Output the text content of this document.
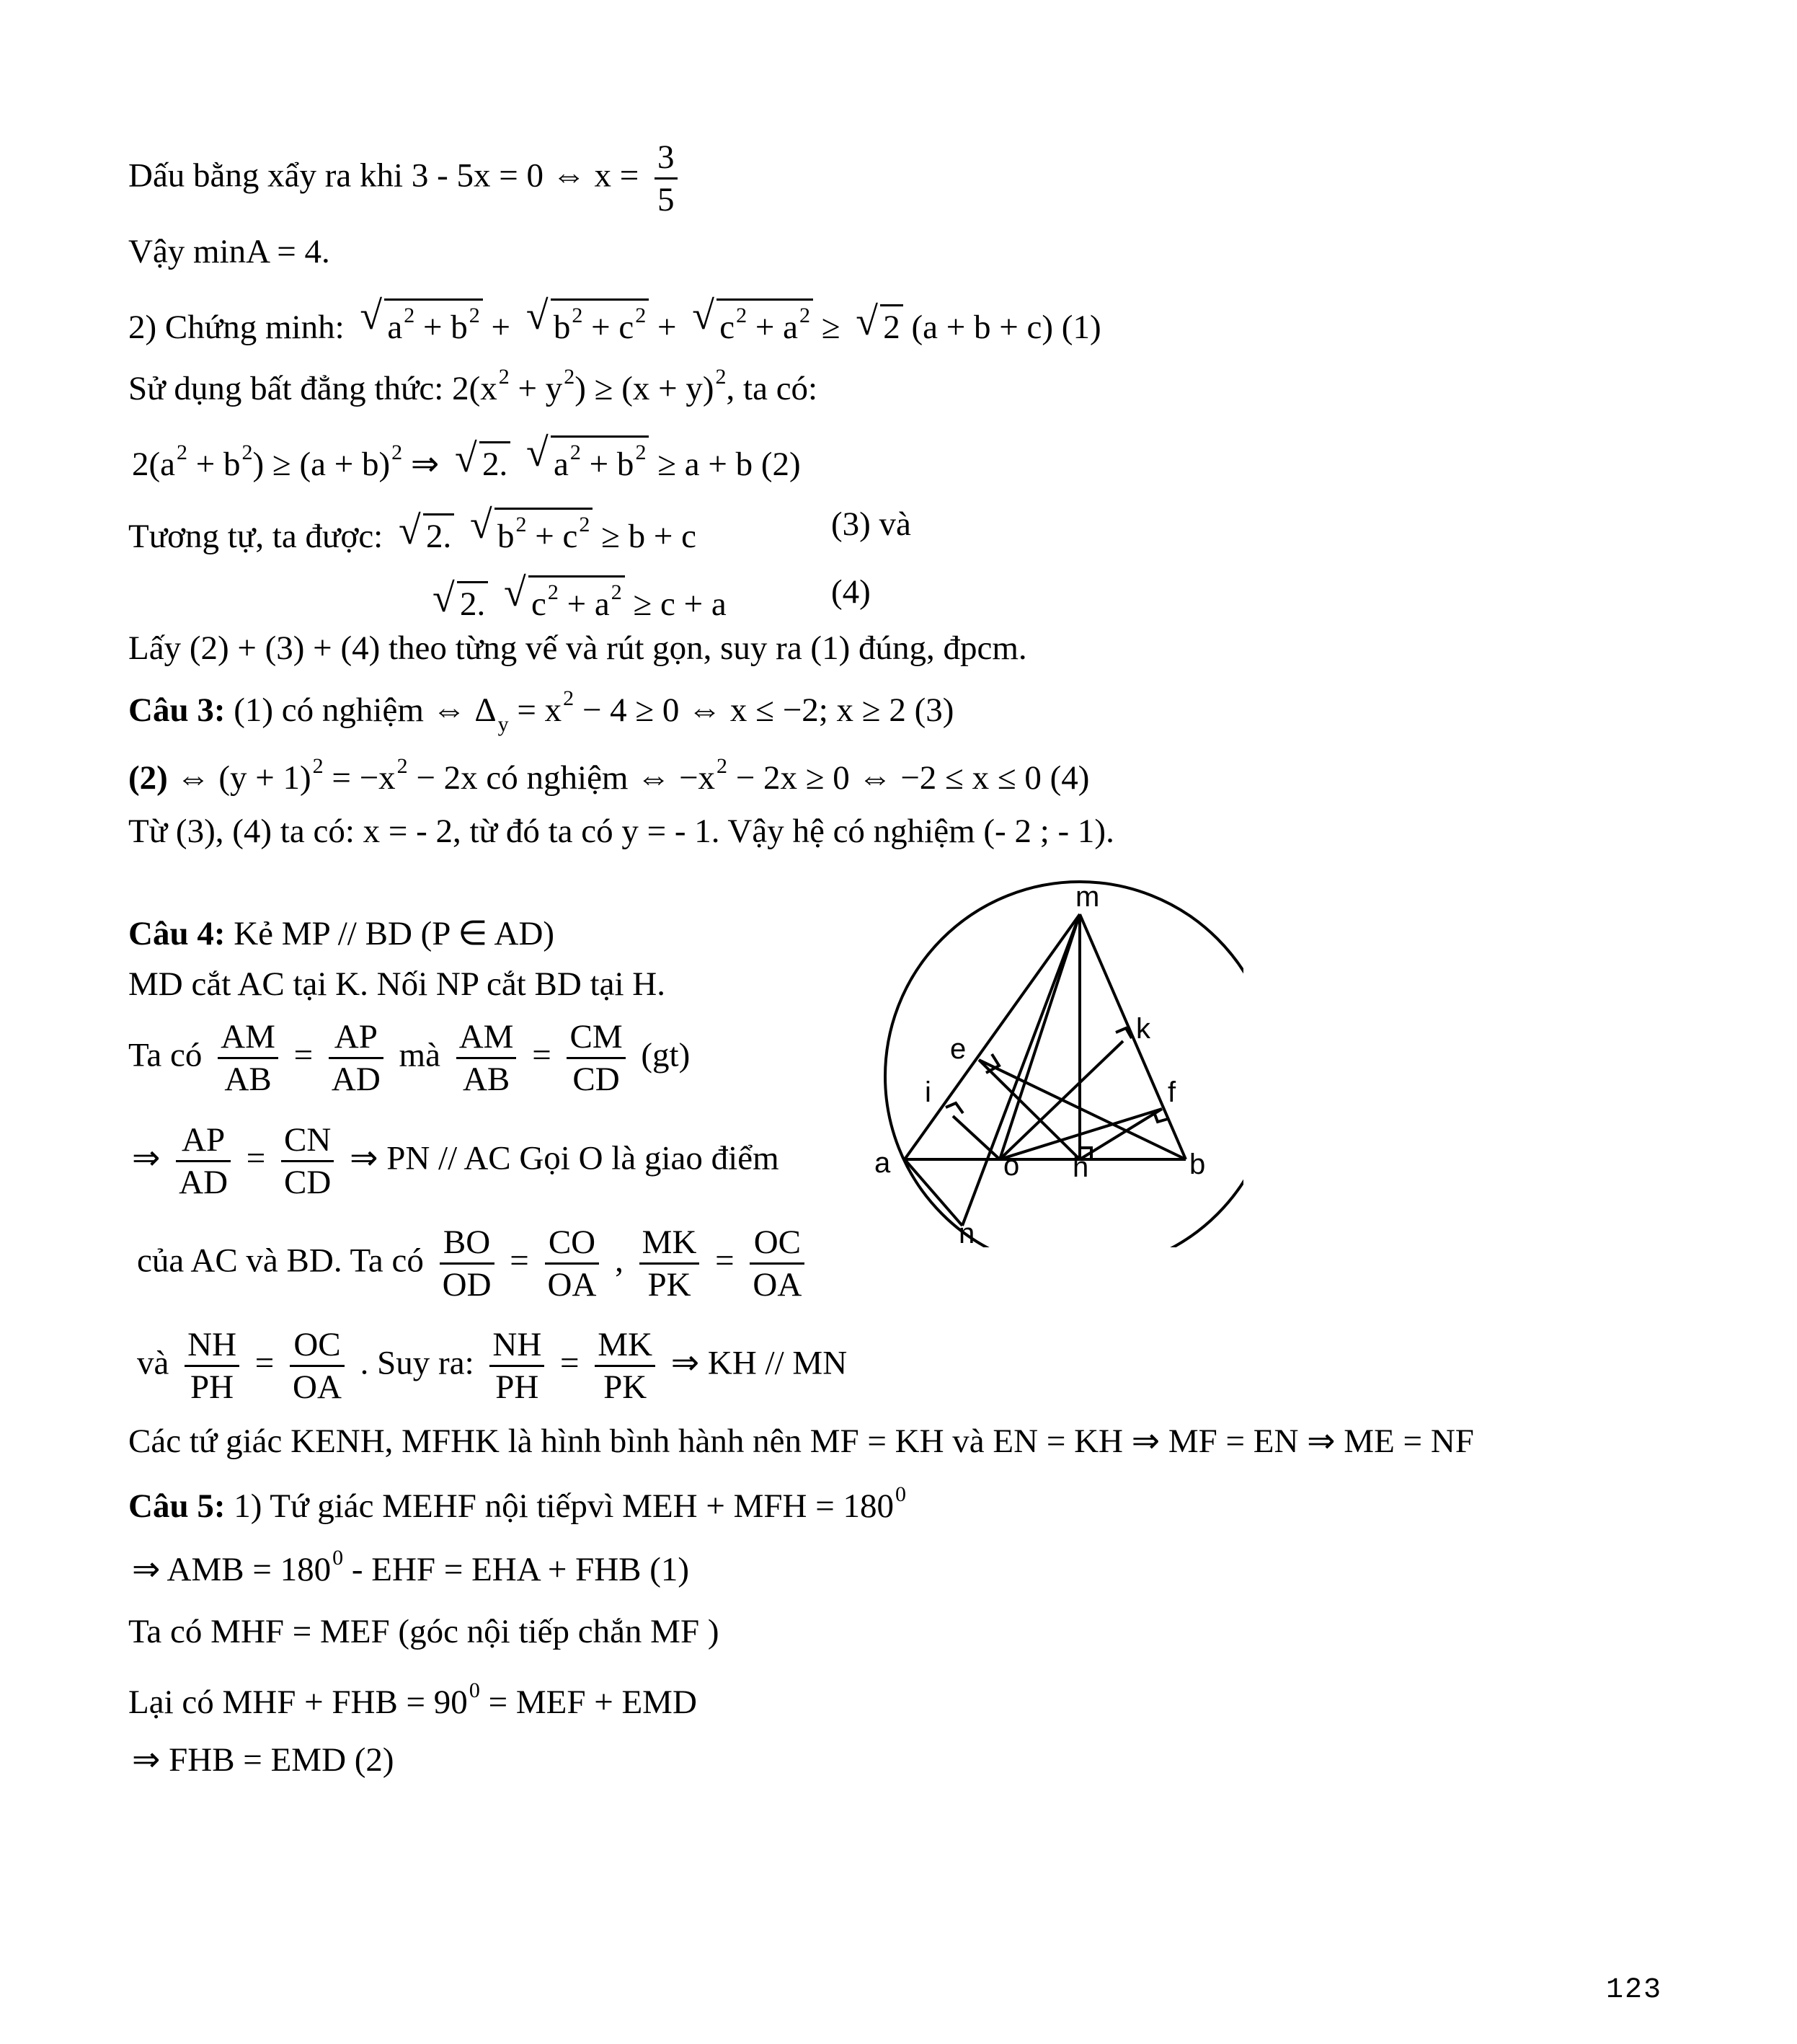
Dấu bằng xẩy ra khi 3 - 5x = 0 ⇔ $x = \frac{3}{5}$
Vậy minA = 4.
2) Chứng minh: √ $a^2 + b^2$ + √ $b^2 + c^2$ + √ $c^2 + a^2$ ≥ √ 2 (a + b + c) (1)
Sử dụng bất đẳng thức: $2(x^2 + y^2) \ge (x + y)^2$, ta có:
$2(a^2 + b^2) \ge (a + b)^2$ ⇒ √ 2. √ $a^2 + b^2 \ge a + b$ (2)
Tương tự, ta được: √ 2. √ $b^2 + c^2 \ge b + c$	(3) và
√ 2. √ $c^2 + a^2 \ge c + a$	(4)
Lấy (2) + (3) + (4) theo từng vế và rút gọn, suy ra (1) đúng, đpcm.
Câu 3: (1) có nghiệm ⇔ $\Delta_y = x^2 - 4 \ge 0$ ⇔ x ≤ −2; x ≥ 2 (3)
(2) ⇔ $(y + 1)^2 = -x^2 - 2x$ có nghiệm ⇔ $-x^2 - 2x \ge 0$ ⇔ −2 ≤ x ≤ 0 (4)
Từ (3), (4) ta có: x = - 2, từ đó ta có y = - 1. Vậy hệ có nghiệm (- 2 ; - 1).
Câu 4: Kẻ MP // BD (P ∈ AD)
MD cắt AC tại K. Nối NP cắt BD tại H.
Ta có $\frac{AM}{AB} = \frac{AP}{AD}$ mà $\frac{AM}{AB} = \frac{CM}{CD} (gt)$
⇒ $\frac{AP}{AD} = \frac{CN}{CD}$ ⇒ PN // AC Gọi O là giao điểm
của AC và BD. Ta có $\frac{BO}{OD} = \frac{CO}{OA}$ , $\frac{MK}{PK} = \frac{OC}{OA}$
và $\frac{NH}{PH} = \frac{OC}{OA}$ . Suy ra: $\frac{NH}{PH} = \frac{MK}{PK}$ ⇒ KH // MN
Các tứ giác KENH, MFHK là hình bình hành nên MF = KH và EN = KH ⇒ MF = EN ⇒ ME = NF
Câu 5: 1) Tứ giác MEHF nội tiếpvì MEH + MFH = $180^0$
⇒ AMB = $180^0$ - EHF = EHA + FHB (1)
Ta có MHF = MEF (góc nội tiếp chắn MF )
Lại có MHF + FHB = $90^0$ = MEF + EMD
⇒ FHB = EMD (2)
m
k
e
i	f
a	o h	b
n
123
